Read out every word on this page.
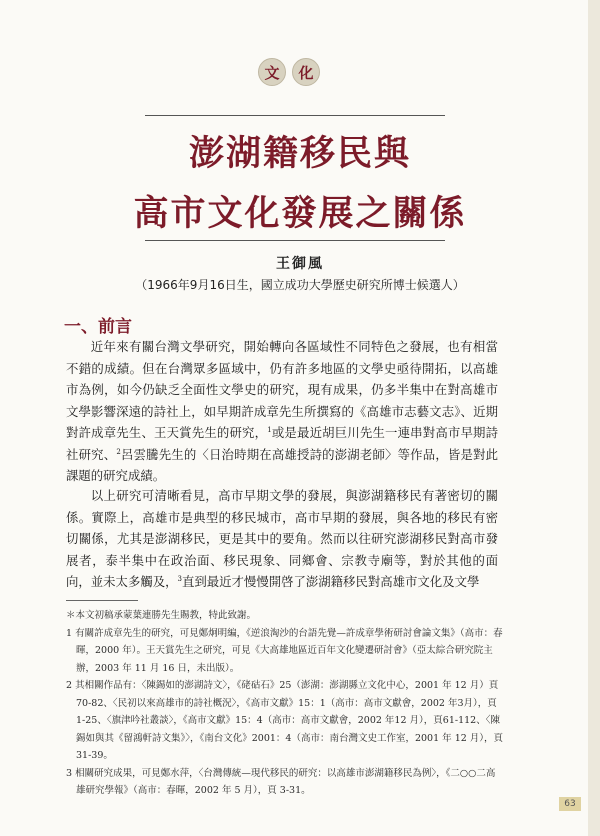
文	化
澎湖籍移民與
高市文化發展之關係
王御風
（1966年9月16日生，國立成功大學歷史研究所博士候選人）
一、前言

近年來有關台灣文學研究，開始轉向各區域性不同特色之發展，也有相當不錯的成績。但在台灣眾多區域中，仍有許多地區的文學史亟待開拓，以高雄市為例，如今仍缺乏全面性文學史的研究，現有成果，仍多半集中在對高雄市文學影響深遠的詩社上，如早期許成章先生所撰寫的《高雄市志藝文志》、近期對許成章先生、王天賞先生的研究，$^1$或是最近胡巨川先生一連串對高市早期詩社研究、$^2$呂雲騰先生的〈日治時期在高雄授詩的澎湖老師〉等作品，皆是對此課題的研究成績。

以上研究可清晰看見，高市早期文學的發展，與澎湖籍移民有著密切的關係。實際上，高雄市是典型的移民城市，高市早期的發展，與各地的移民有密切關係，尤其是澎湖移民，更是其中的要角。然而以往研究澎湖移民對高市發展者，泰半集中在政治面、移民現象、同鄉會、宗教寺廟等，對於其他的面向，並未太多觸及，$^3$直到最近才慢慢開啓了澎湖籍移民對高雄市文化及文學

＊本文初稿承蒙葉連勝先生賜教，特此致謝。

1 有關許成章先生的研究，可見鄭炯明編，《逆浪淘沙的台語先覺—許成章學術研討會論文集》（高市：春暉，2000 年）。王天賞先生之研究，可見《大高雄地區近百年文化變遷研討會》（亞太綜合研究院主辦，2003 年 11 月 16 日，未出版）。

2 其相關作品有：〈陳錫如的澎湖詩文〉，《硓𥑮石》25（澎湖：澎湖縣立文化中心，2001 年 12 月）頁70-82、〈民初以來高雄市的詩社概況〉，《高市文獻》15：1（高市：高市文獻會，2002 年3月），頁1-25、〈旗津吟社叢談〉，《高市文獻》15：4（高市：高市文獻會，2002 年12 月），頁61-112、〈陳錫如與其《留鴻軒詩文集》〉，《南台文化》2001：4（高市：南台灣文史工作室，2001 年 12 月），頁 31-39。

3 相關研究成果，可見鄭水萍，〈台灣傳統—現代移民的研究：以高雄市澎湖籍移民為例〉，《二○○二高雄研究學報》（高市：春暉，2002 年 5 月），頁 3-31。

63
